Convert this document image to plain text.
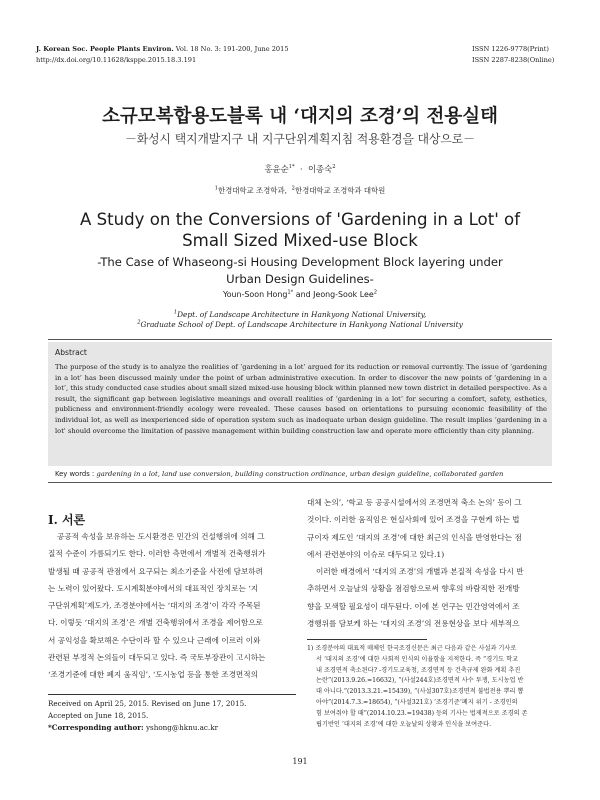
J. Korean Soc. People Plants Environ. Vol. 18 No. 3: 191-200, June 2015
http://dx.doi.org/10.11628/ksppe.2015.18.3.191
ISSN 1226-9778(Print)
ISSN 2287-8238(Online)
소규모복합용도블록 내 ‘대지의 조경’의 전용실태
－화성시 택지개발지구 내 지구단위계획지침 적용환경을 대상으로－
홍윤순$^{1*}$  ·  이종숙$^2$
$^1$한경대학교 조경학과,  $^2$한경대학교 조경학과 대학원
A Study on the Conversions of 'Gardening in a Lot' of
Small Sized Mixed-use Block
-The Case of Whaseong-si Housing Development Block layering under
Urban Design Guidelines-
Youn-Soon Hong$^{1*}$ and Jeong-Sook Lee$^2$
$^1$Dept. of Landscape Architecture in Hankyong National University,
$^2$Graduate School of Dept. of Landscape Architecture in Hankyong National University
Abstract
The purpose of the study is to analyze the realities of ‘gardening in a lot’ argued for its reduction or removal currently. The issue of ‘gardening in a lot’ has been discussed mainly under the point of urban administrative execution. In order to discover the new points of ‘gardening in a lot’, this study conducted case studies about small sized mixed-use housing block within planned new town district in detailed perspective. As a result, the significant gap between legislative meanings and overall realities of ‘gardening in a lot’ for securing a comfort, safety, esthetics, publicness and environment-friendly ecology were revealed. These causes based on orientations to pursuing economic feasibility of the individual lot, as well as inexperienced side of operation system such as inadequate urban design guideline. The result implies ‘gardening in a lot' should overcome the limitation of passive management within building construction law and operate more efficiently than city planning.
Key words : gardening in a lot, land use conversion, building construction ordinance, urban design guideline, collaborated garden
Ⅰ. 서론
공공적 속성을 보유하는 도시환경은 민간의 건설행위에 의해 그
질적 수준이 가름되기도 한다. 이러한 측면에서 개별적 건축행위가
발생될 때 공공적 관점에서 요구되는 최소기준을 사전에 담보하려
는 노력이 있어왔다. 도시계획분야에서의 대표적인 장치로는 ‘지
구단위계획’제도가, 조경분야에서는 ‘대지의 조경’이 각각 주목된
다. 이렇듯 ‘대지의 조경’은 개별 건축행위에서 조경을 제어함으로
서 공익성을 확보해온 수단이라 할 수 있으나 근래에 이르러 이와
관련된 부정적 논의들이 대두되고 있다. 즉 국토부장관이 고시하는
‘조경기준에 대한 폐지 움직임’, ‘도시농업 등을 통한 조경면적의
대체 논의’, ‘학교 등 공공시설에서의 조경면적 축소 논의’ 등이 그
것이다. 이러한 움직임은 현실사회에 있어 조경을 구현케 하는 법
규이자 제도인 ‘대지의 조경’에 대한 최근의 인식을 반영한다는 점
에서 관련분야의 이슈로 대두되고 있다.1)
이러한 배경에서 ‘대지의 조경’의 개별과 본질적 속성을 다시 반
추하면서 오늘날의 상황을 점검함으로써 향후의 바람직한 전개방
향을 모색할 필요성이 대두된다. 이에 본 연구는 민간영역에서 조
경행위를 담보케 하는 ‘대지의 조경’의 전용현상을 보다 세부적으
Received on April 25, 2015. Revised on June 17, 2015.
Accepted on June 18, 2015.
*Corresponding author: yshong@hknu.ac.kr
1) 조경분야의 대표적 매체인 한국조경신문은 최근 다음과 같은 사설과 기사로
서 ‘대지의 조경’에 대한 사회적 인식의 이율함을 지적한다. 즉 “경기도 학교
내 조경면적 축소된다? -경기도교육청, 조경면적 등 건축규제 완화 계획 추진
논란”(2013.9.26.=16632), “(사설244호)조경면적 사수 투쟁, 도시농업 반
대 아니다.”(2013.3.21.=15439), “(사설307호)조경면적 불법전용 뿌리 뽑
아야”(2014.7.3.=18654), “(사설321호) ‘조경기준’폐지 위기 - 조경인의
힘 보여줘야 할 때”(2014.10.23.=19438) 등의 기사는 법제적으로 조경의 존
립기반인 ‘대지의 조경’에 대한 오늘날의 상황과 인식을 보여준다.
191
